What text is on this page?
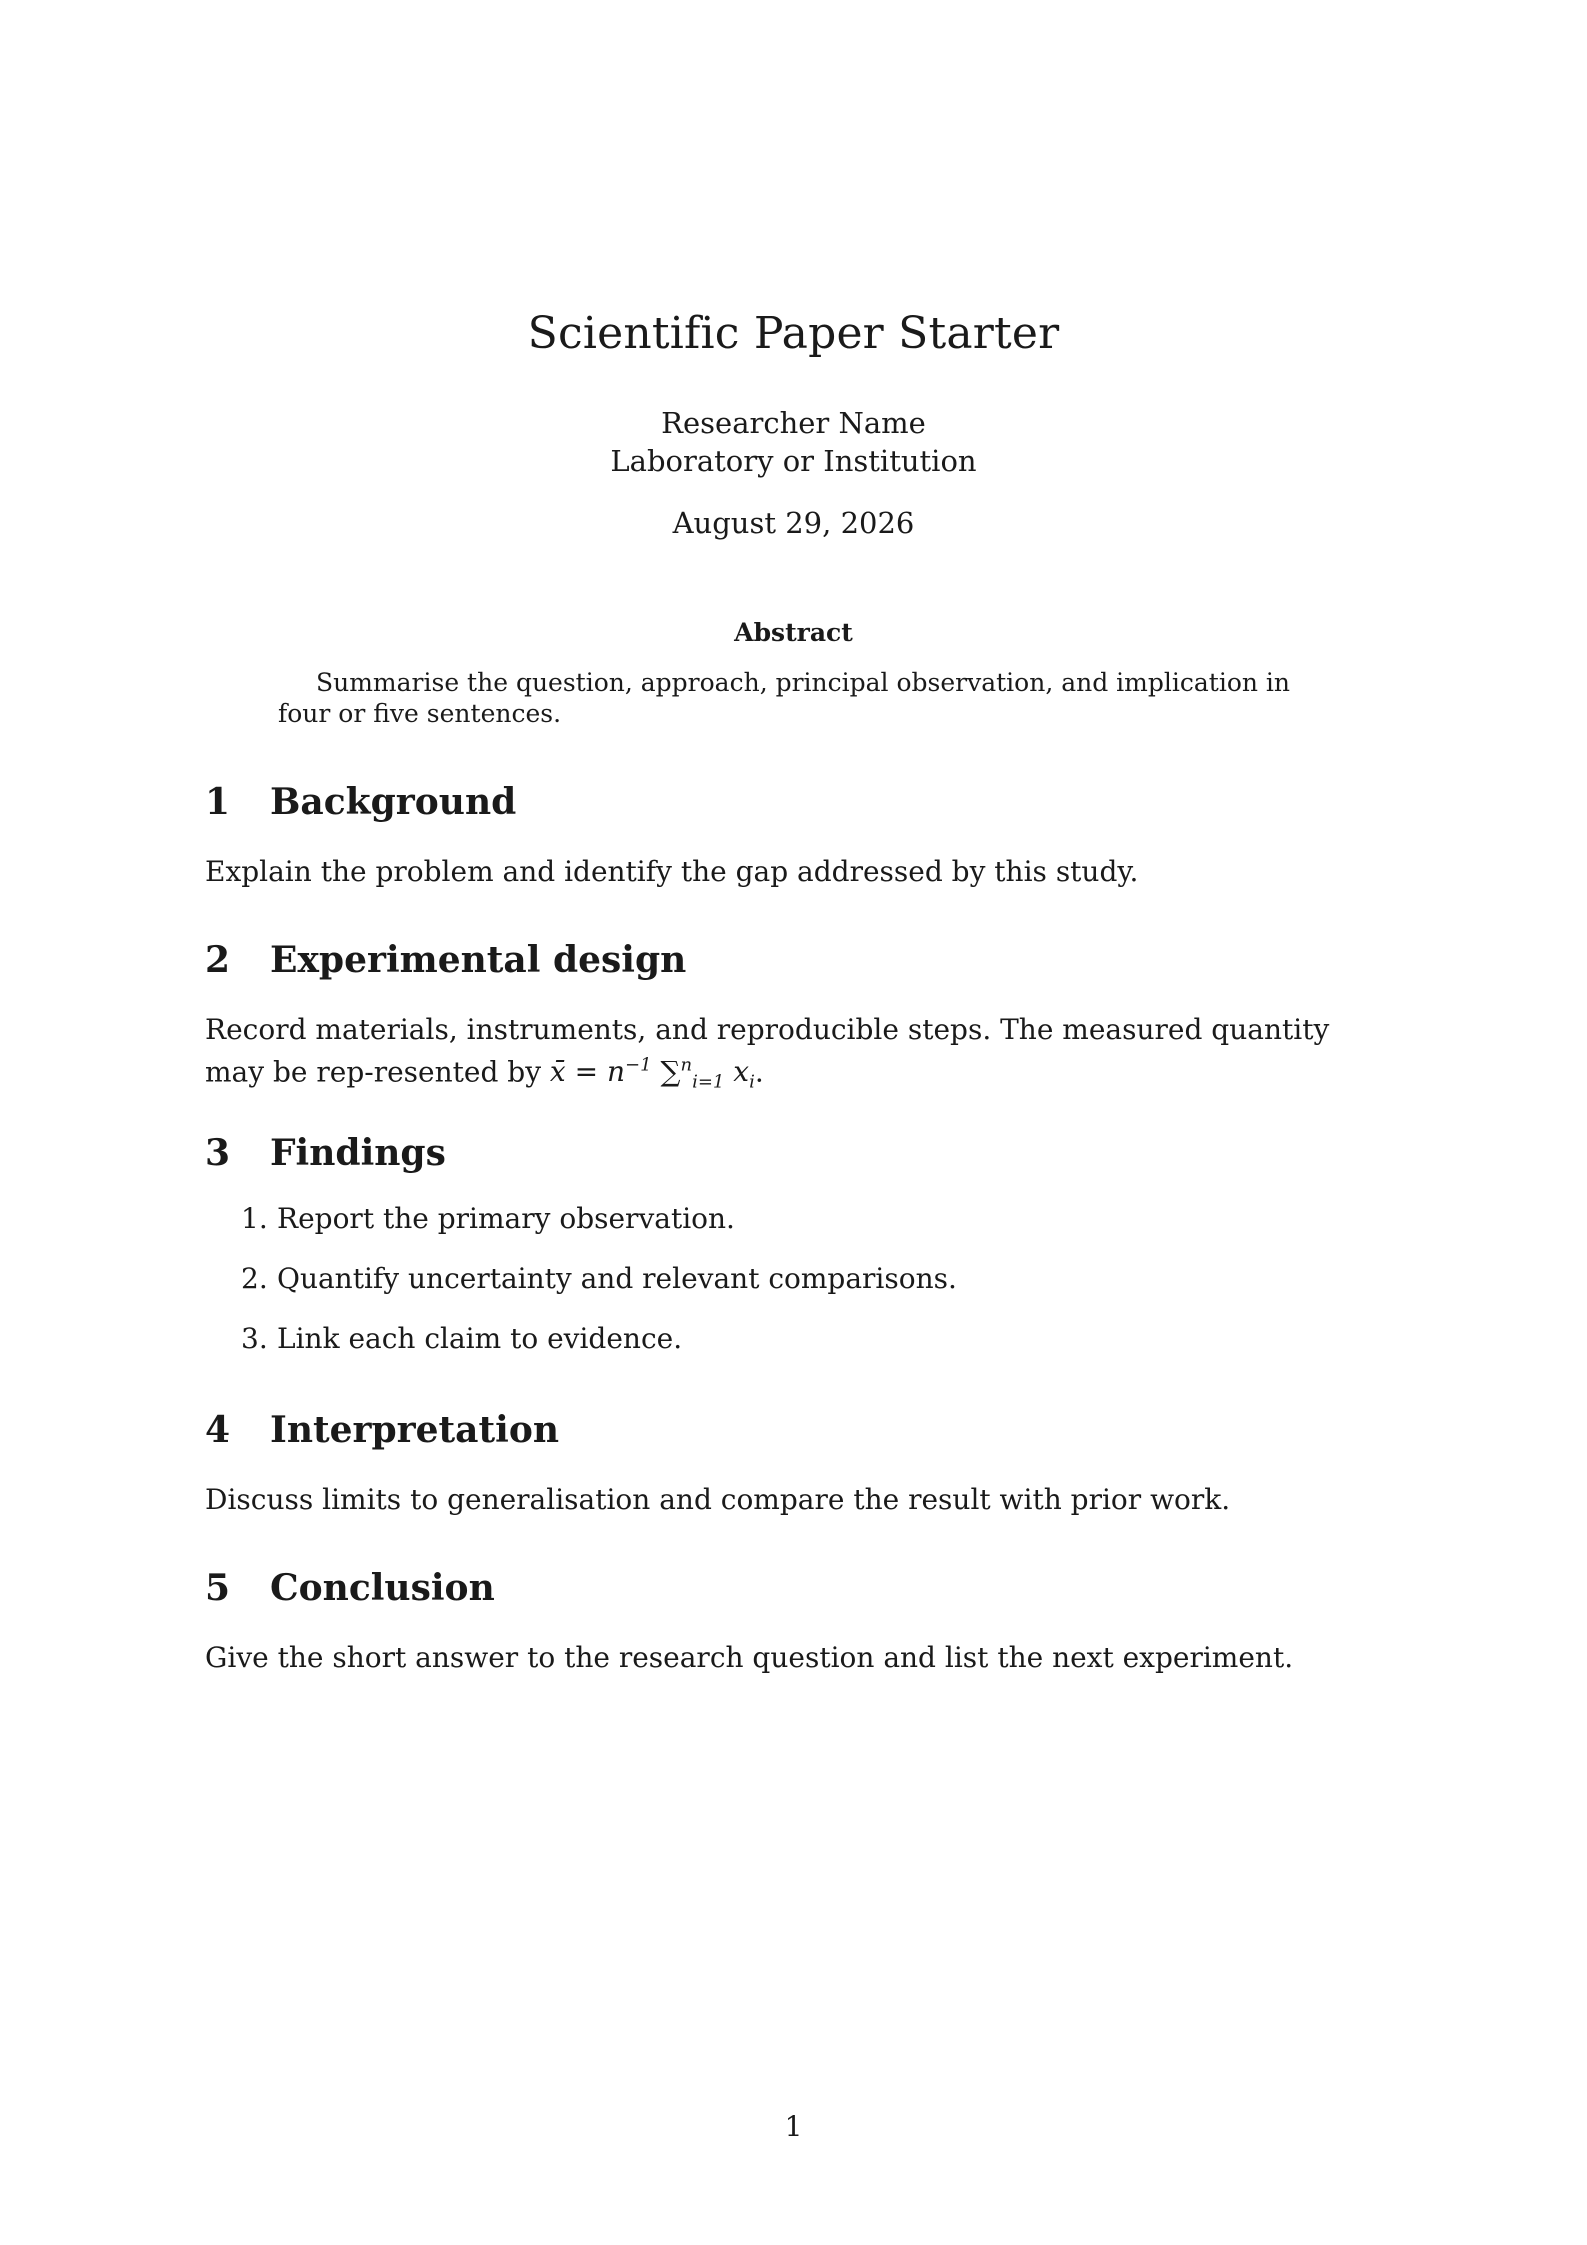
Scientific Paper Starter
Researcher Name
Laboratory or Institution
August 29, 2026
Abstract
Summarise the question, approach, principal observation, and implication in four or five sentences.
1 Background

Explain the problem and identify the gap addressed by this study.

2 Experimental design

Record materials, instruments, and reproducible steps. The measured quantity may be rep-resented by x̄ = $n^{-1}$ ∑$^n_{i=1}$ $x_i$.

3 Findings
1. Report the primary observation.
2. Quantify uncertainty and relevant comparisons.
3. Link each claim to evidence.
4 Interpretation

Discuss limits to generalisation and compare the result with prior work.

5 Conclusion

Give the short answer to the research question and list the next experiment.

1
